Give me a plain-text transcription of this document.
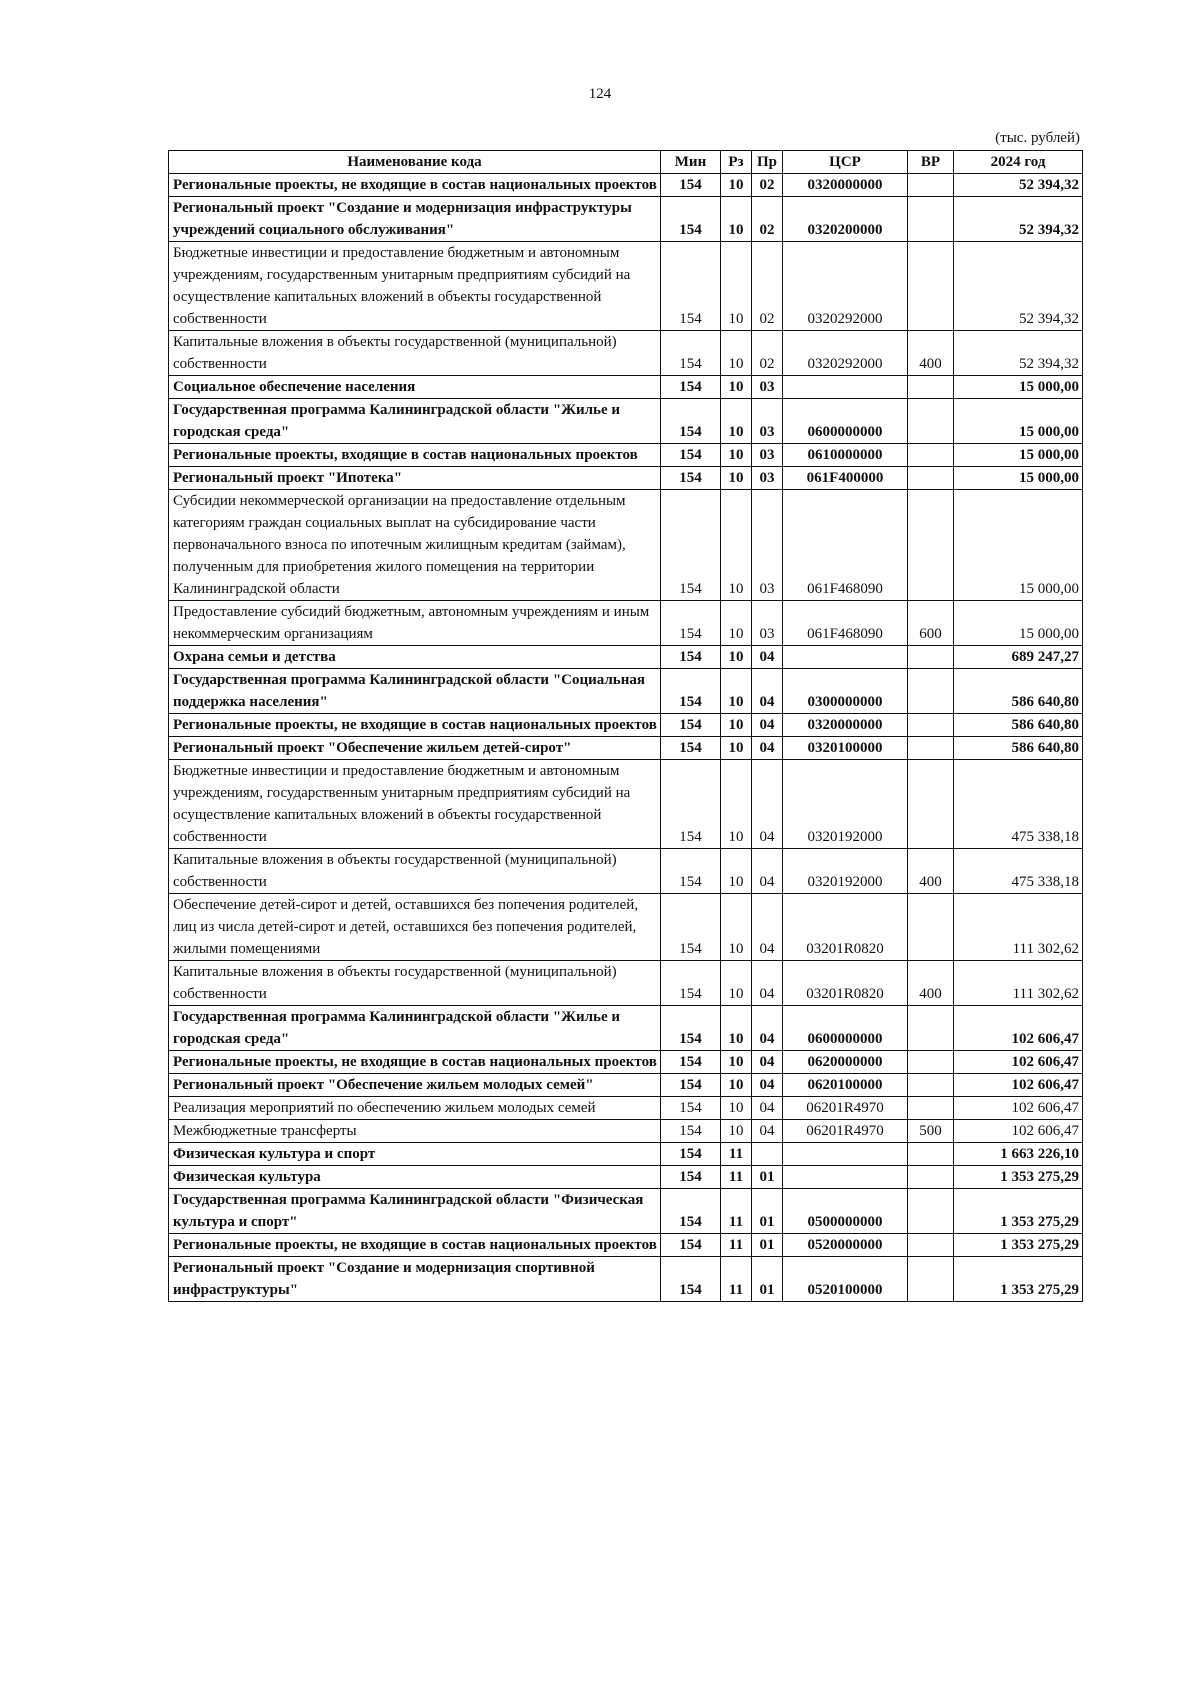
124
(тыс. рублей)
Наименование кода	Мин	Рз	Пр	ЦСР	ВР	2024 год
Региональные проекты, не входящие в состав национальных проектов	154	10	02	0320000000		52 394,32
Региональный проект "Создание и модернизация инфраструктуры учреждений социального обслуживания"	154	10	02	0320200000		52 394,32
Бюджетные инвестиции и предоставление бюджетным и автономным учреждениям, государственным унитарным предприятиям субсидий на осуществление капитальных вложений в объекты государственной собственности	154	10	02	0320292000		52 394,32
Капитальные вложения в объекты государственной (муниципальной) собственности	154	10	02	0320292000	400	52 394,32
Социальное обеспечение населения	154	10	03			15 000,00
Государственная программа Калининградской области "Жилье и городская среда"	154	10	03	0600000000		15 000,00
Региональные проекты, входящие в состав национальных проектов	154	10	03	0610000000		15 000,00
Региональный проект "Ипотека"	154	10	03	061F400000		15 000,00
Субсидии некоммерческой организации на предоставление отдельным категориям граждан социальных выплат на субсидирование части первоначального взноса по ипотечным жилищным кредитам (займам), полученным для приобретения жилого помещения на территории Калининградской области	154	10	03	061F468090		15 000,00
Предоставление субсидий бюджетным, автономным учреждениям и иным некоммерческим организациям	154	10	03	061F468090	600	15 000,00
Охрана семьи и детства	154	10	04			689 247,27
Государственная программа Калининградской области "Социальная поддержка населения"	154	10	04	0300000000		586 640,80
Региональные проекты, не входящие в состав национальных проектов	154	10	04	0320000000		586 640,80
Региональный проект "Обеспечение жильем детей-сирот"	154	10	04	0320100000		586 640,80
Бюджетные инвестиции и предоставление бюджетным и автономным учреждениям, государственным унитарным предприятиям субсидий на осуществление капитальных вложений в объекты государственной собственности	154	10	04	0320192000		475 338,18
Капитальные вложения в объекты государственной (муниципальной) собственности	154	10	04	0320192000	400	475 338,18
Обеспечение детей-сирот и детей, оставшихся без попечения родителей, лиц из числа детей-сирот и детей, оставшихся без попечения родителей, жилыми помещениями	154	10	04	03201R0820		111 302,62
Капитальные вложения в объекты государственной (муниципальной) собственности	154	10	04	03201R0820	400	111 302,62
Государственная программа Калининградской области "Жилье и городская среда"	154	10	04	0600000000		102 606,47
Региональные проекты, не входящие в состав национальных проектов	154	10	04	0620000000		102 606,47
Региональный проект "Обеспечение жильем молодых семей"	154	10	04	0620100000		102 606,47
Реализация мероприятий по обеспечению жильем молодых семей	154	10	04	06201R4970		102 606,47
Межбюджетные трансферты	154	10	04	06201R4970	500	102 606,47
Физическая культура и спорт	154	11				1 663 226,10
Физическая культура	154	11	01			1 353 275,29
Государственная программа Калининградской области "Физическая культура и спорт"	154	11	01	0500000000		1 353 275,29
Региональные проекты, не входящие в состав национальных проектов	154	11	01	0520000000		1 353 275,29
Региональный проект "Создание и модернизация спортивной инфраструктуры"	154	11	01	0520100000		1 353 275,29
